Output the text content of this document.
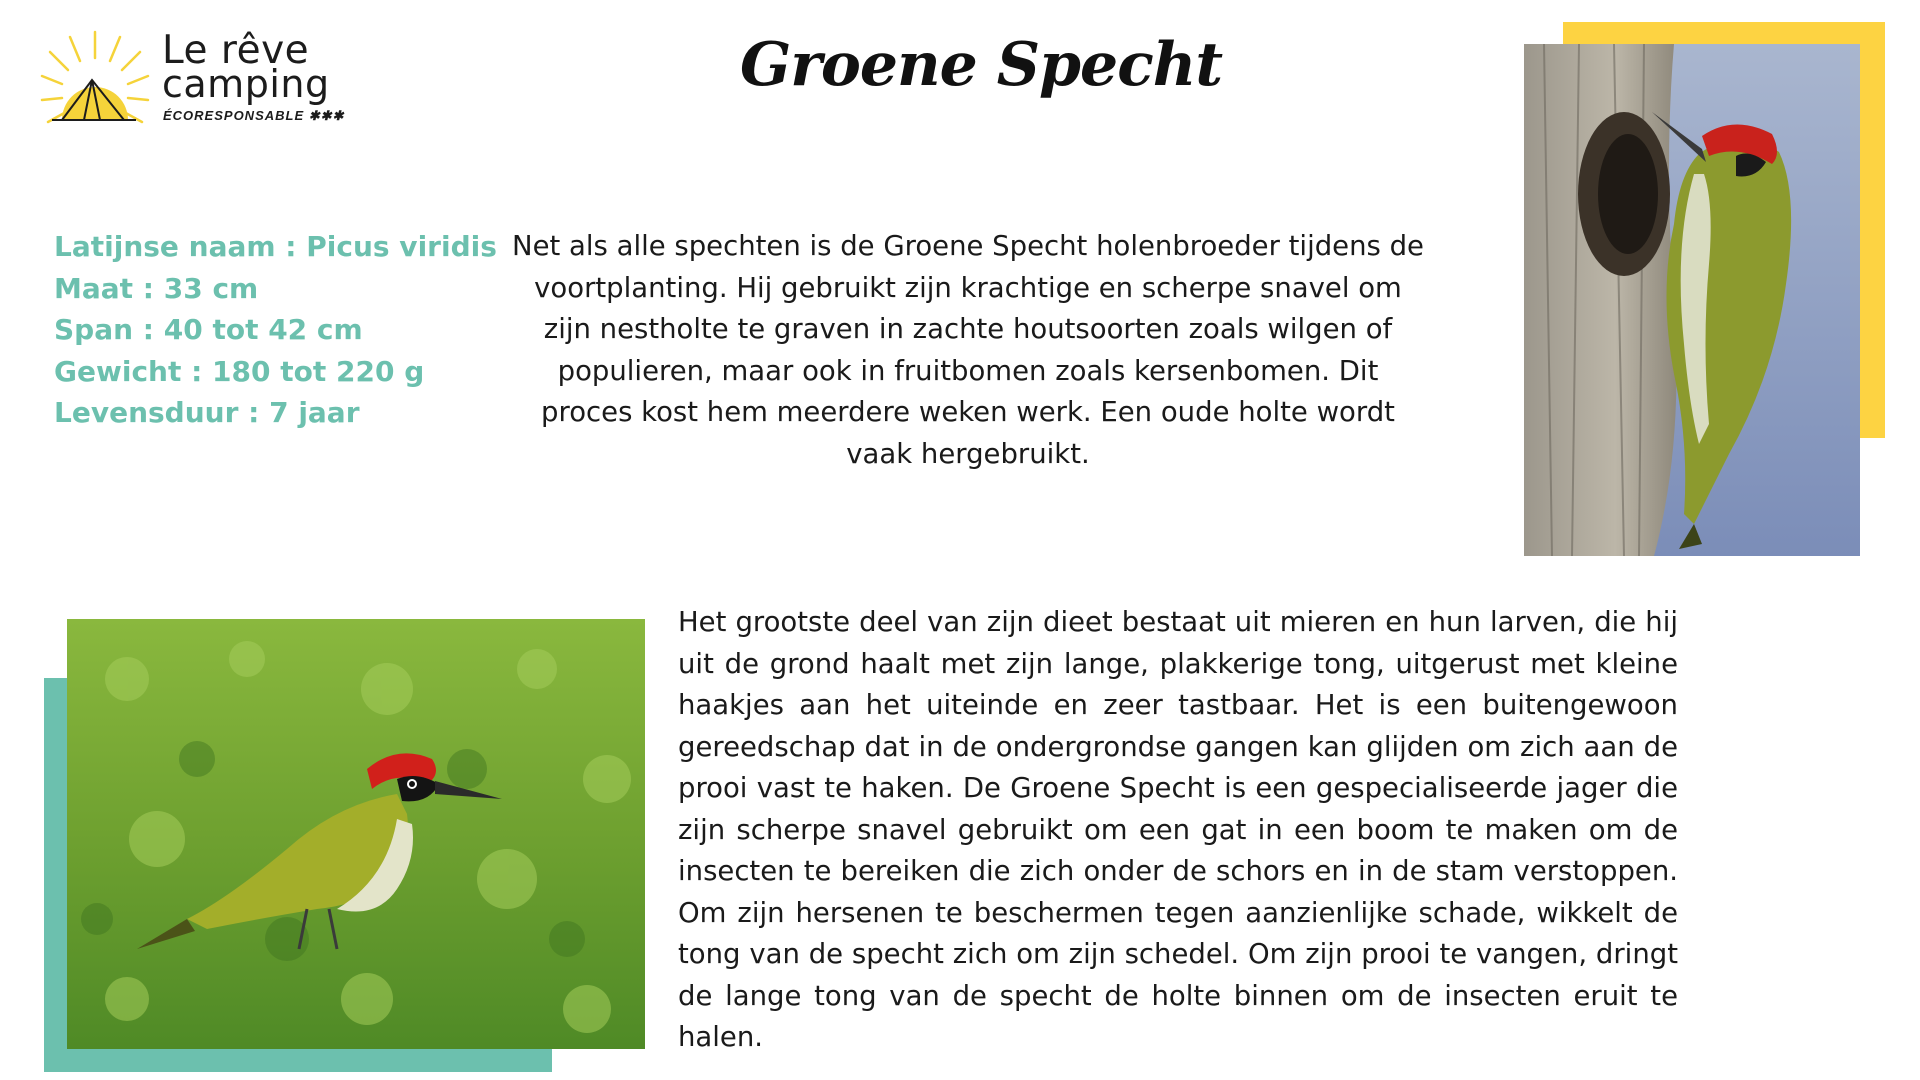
Le rêve
camping
ÉCORESPONSABLE ✱✱✱
Groene Specht
Latijnse naam : Picus viridis
Maat : 33 cm
Span : 40 tot 42 cm
Gewicht : 180 tot 220 g
Levensduur : 7 jaar
Net als alle spechten is de Groene Specht holenbroeder tijdens de voortplanting. Hij gebruikt zijn krachtige en scherpe snavel om zijn nestholte te graven in zachte houtsoorten zoals wilgen of populieren, maar ook in fruitbomen zoals kersenbomen. Dit proces kost hem meerdere weken werk. Een oude holte wordt vaak hergebruikt.
Het grootste deel van zijn dieet bestaat uit mieren en hun larven, die hij uit de grond haalt met zijn lange, plakkerige tong, uitgerust met kleine haakjes aan het uiteinde en zeer tastbaar. Het is een buitengewoon gereedschap dat in de ondergrondse gangen kan glijden om zich aan de prooi vast te haken. De Groene Specht is een gespecialiseerde jager die zijn scherpe snavel gebruikt om een gat in een boom te maken om de insecten te bereiken die zich onder de schors en in de stam verstoppen. Om zijn hersenen te beschermen tegen aanzienlijke schade, wikkelt de tong van de specht zich om zijn schedel. Om zijn prooi te vangen, dringt de lange tong van de specht de holte binnen om de insecten eruit te halen.
